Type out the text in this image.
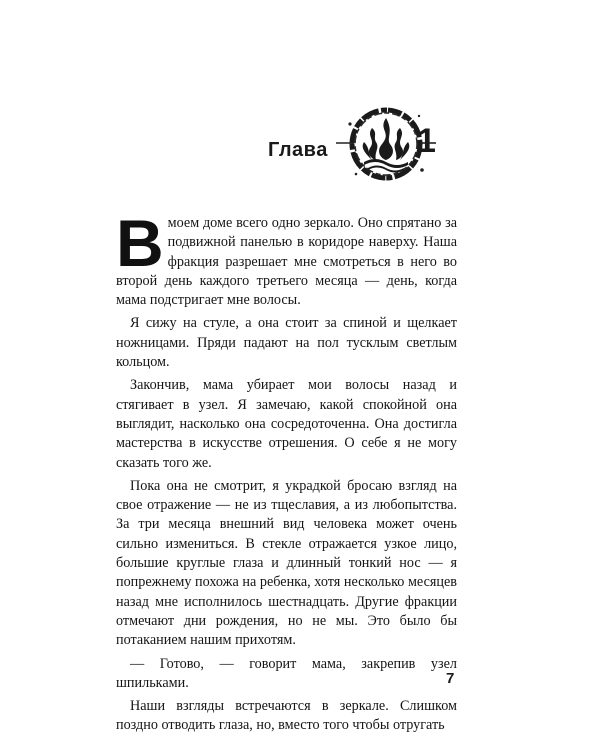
Глава	1

Вмоем доме всего одно зеркало. Оно спрятано за подвижной панелью в коридоре наверху. Наша фракция разрешает мне смотреться в него во второй день каждого третьего месяца — день, когда мама подстригает мне волосы.

Я сижу на стуле, а она стоит за спиной и щелкает ножницами. Пряди падают на пол тусклым светлым кольцом.

Закончив, мама убирает мои волосы назад и стягивает в узел. Я замечаю, какой спокойной она выглядит, насколько она сосредоточенна. Она достигла мастерства в искусстве отрешения. О себе я не могу сказать того же.

Пока она не смотрит, я украдкой бросаю взгляд на свое отражение — не из тщеславия, а из любопытства. За три месяца внешний вид человека может очень сильно измениться. В стекле отражается узкое лицо, большие круглые глаза и длинный тонкий нос — я попрежнему похожа на ребенка, хотя несколько месяцев назад мне исполнилось шестнадцать. Другие фракции отмечают дни рождения, но не мы. Это было бы потаканием нашим прихотям.

— Готово, — говорит мама, закрепив узел шпильками.

Наши взгляды встречаются в зеркале. Слишком поздно отводить глаза, но, вместо того чтобы отругать

7
